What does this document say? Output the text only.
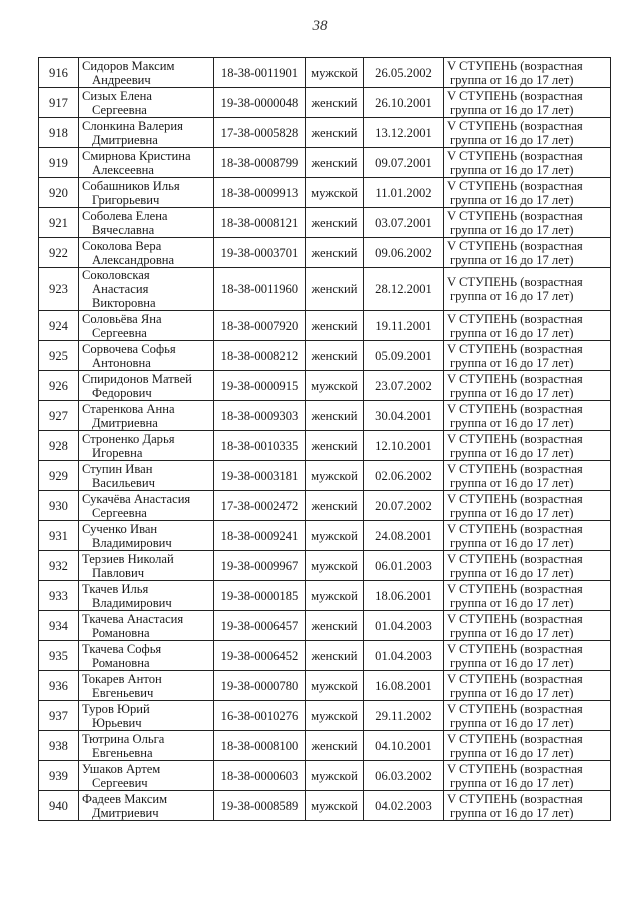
38
916	Сидоров Максим
Андреевич	18-38-0011901	мужской	26.05.2002	V СТУПЕНЬ (возрастная
группа от 16 до 17 лет)

917	Сизых Елена
Сергеевна	19-38-0000048	женский	26.10.2001	V СТУПЕНЬ (возрастная
группа от 16 до 17 лет)

918	Слонкина Валерия
Дмитриевна	17-38-0005828	женский	13.12.2001	V СТУПЕНЬ (возрастная
группа от 16 до 17 лет)

919	Смирнова Кристина
Алексеевна	18-38-0008799	женский	09.07.2001	V СТУПЕНЬ (возрастная
группа от 16 до 17 лет)

920	Собашников Илья
Григорьевич	18-38-0009913	мужской	11.01.2002	V СТУПЕНЬ (возрастная
группа от 16 до 17 лет)

921	Соболева Елена
Вячеславна	18-38-0008121	женский	03.07.2001	V СТУПЕНЬ (возрастная
группа от 16 до 17 лет)

922	Соколова Вера
Александровна	19-38-0003701	женский	09.06.2002	V СТУПЕНЬ (возрастная
группа от 16 до 17 лет)

923	Соколовская
Анастасия
Викторовна	18-38-0011960	женский	28.12.2001	V СТУПЕНЬ (возрастная
группа от 16 до 17 лет)

924	Соловьёва Яна
Сергеевна	18-38-0007920	женский	19.11.2001	V СТУПЕНЬ (возрастная
группа от 16 до 17 лет)

925	Сорвочева Софья
Антоновна	18-38-0008212	женский	05.09.2001	V СТУПЕНЬ (возрастная
группа от 16 до 17 лет)

926	Спиридонов Матвей
Федорович	19-38-0000915	мужской	23.07.2002	V СТУПЕНЬ (возрастная
группа от 16 до 17 лет)

927	Старенкова Анна
Дмитриевна	18-38-0009303	женский	30.04.2001	V СТУПЕНЬ (возрастная
группа от 16 до 17 лет)

928	Строненко Дарья
Игоревна	18-38-0010335	женский	12.10.2001	V СТУПЕНЬ (возрастная
группа от 16 до 17 лет)

929	Ступин Иван
Васильевич	19-38-0003181	мужской	02.06.2002	V СТУПЕНЬ (возрастная
группа от 16 до 17 лет)

930	Сукачёва Анастасия
Сергеевна	17-38-0002472	женский	20.07.2002	V СТУПЕНЬ (возрастная
группа от 16 до 17 лет)

931	Сученко Иван
Владимирович	18-38-0009241	мужской	24.08.2001	V СТУПЕНЬ (возрастная
группа от 16 до 17 лет)

932	Терзиев Николай
Павлович	19-38-0009967	мужской	06.01.2003	V СТУПЕНЬ (возрастная
группа от 16 до 17 лет)

933	Ткачев Илья
Владимирович	19-38-0000185	мужской	18.06.2001	V СТУПЕНЬ (возрастная
группа от 16 до 17 лет)

934	Ткачева Анастасия
Романовна	19-38-0006457	женский	01.04.2003	V СТУПЕНЬ (возрастная
группа от 16 до 17 лет)

935	Ткачева Софья
Романовна	19-38-0006452	женский	01.04.2003	V СТУПЕНЬ (возрастная
группа от 16 до 17 лет)

936	Токарев Антон
Евгеньевич	19-38-0000780	мужской	16.08.2001	V СТУПЕНЬ (возрастная
группа от 16 до 17 лет)

937	Туров Юрий
Юрьевич	16-38-0010276	мужской	29.11.2002	V СТУПЕНЬ (возрастная
группа от 16 до 17 лет)

938	Тютрина Ольга
Евгеньевна	18-38-0008100	женский	04.10.2001	V СТУПЕНЬ (возрастная
группа от 16 до 17 лет)

939	Ушаков Артем
Сергеевич	18-38-0000603	мужской	06.03.2002	V СТУПЕНЬ (возрастная
группа от 16 до 17 лет)

940	Фадеев Максим
Дмитриевич	19-38-0008589	мужской	04.02.2003	V СТУПЕНЬ (возрастная
группа от 16 до 17 лет)
